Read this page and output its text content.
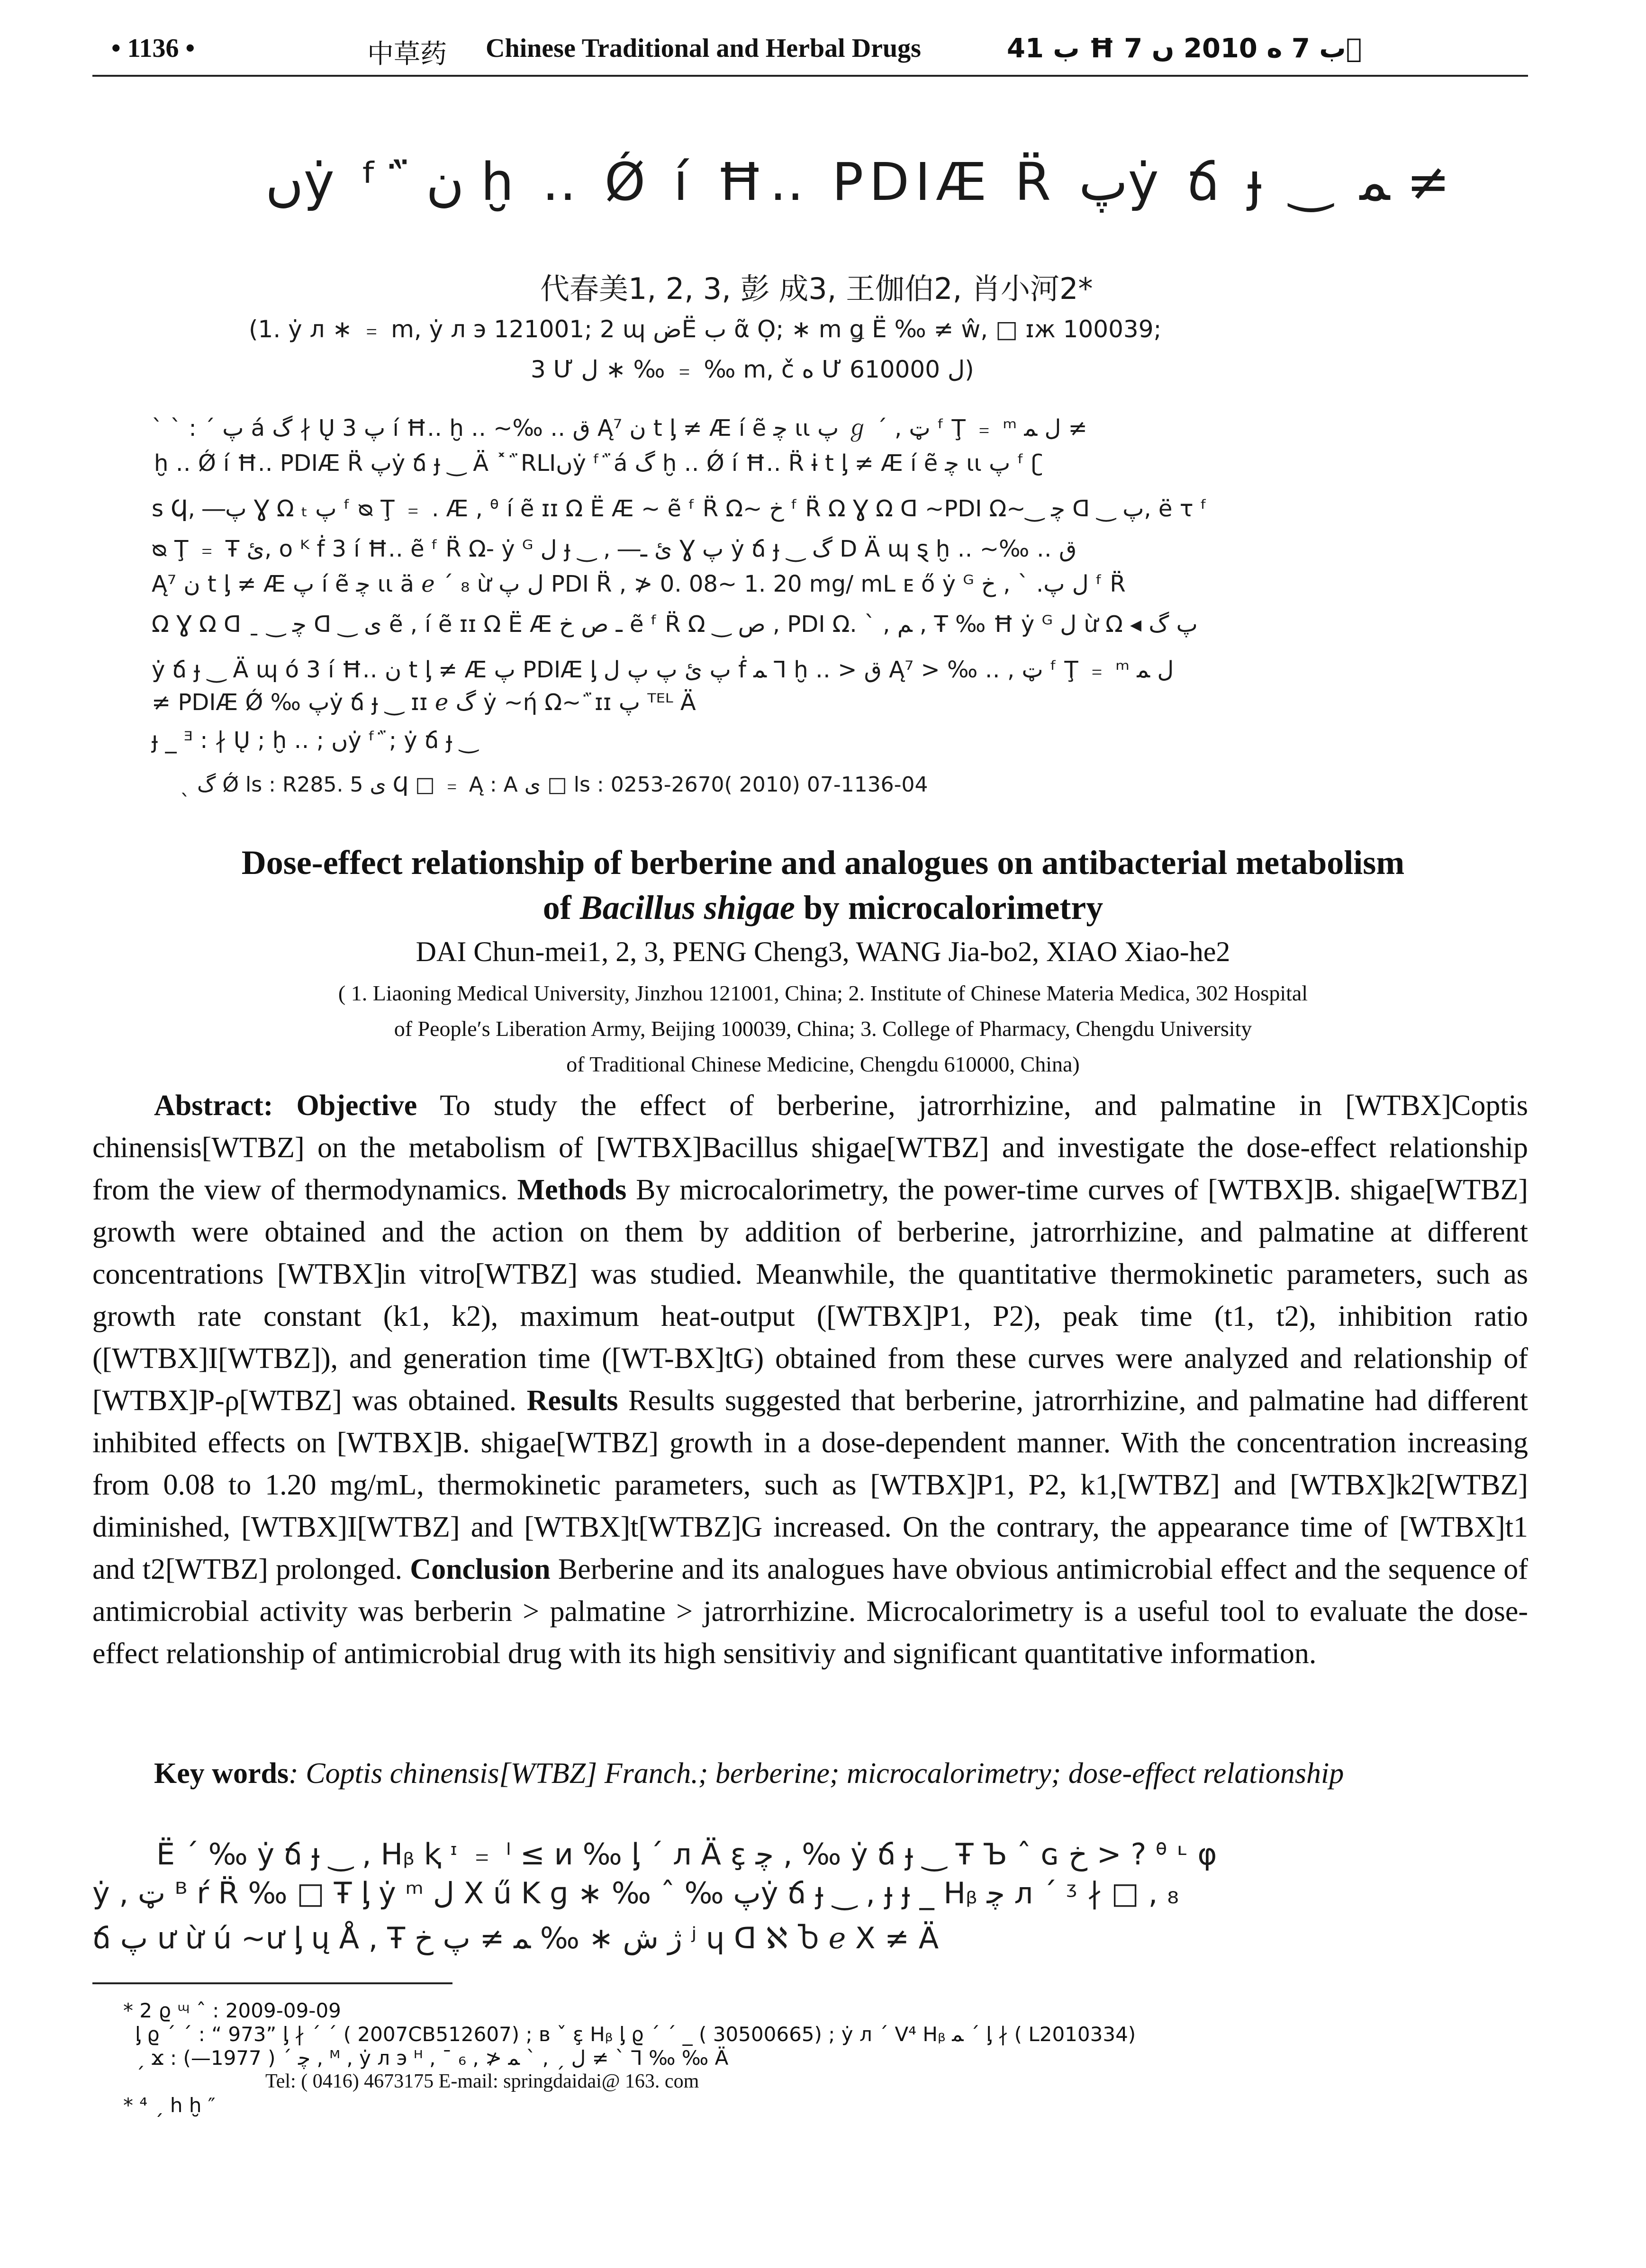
• 1136 •	中草药 Chinese Traditional and Herbal Drugs	ب 41 Ħ ب 7 ﻩ 2010 ں 7 ᪽
ںẏ ᶠ ᷀ ن ḫ ‥ Ǿ í Ħ‥ PDIÆ R̈ پẏ ճ ɟ ‿ ﻤ ≠
代春美1, 2, 3, 彭 成3, 王伽伯2, 肖小河2*
(1. ẏ л ∗ ﹦ m, ẏ л э 121001; 2 ɰ ضË ب ᾶ Ọ; ∗ m ǥ Ë ‰ ≠ ŵ, □ ɪж 100039;
3 Ư ل ∗ ‰ ﹦ ‰ m, č ﻩ Ư ل 610000)
ˋ ˋ : ˊ پ á گ ∤ Ų پ 3 í Ħ‥ ḫ ‥ ~‰ ‥ ق Ą⁷ ن t ᶅ ≠ Æ í ẽ ﭼ ɩɩ پ ℊ ˊ , ټ ᶠ Ţ ﹦ ᵐ ﻝ ﻤ ≠
ḫ ‥ Ǿ í Ħ‥ PDIÆ R̈ پẏ ճ ɟ ‿ Ä ˟ ᷀ RLIںẏ ᶠ ᷀ á گ ḫ ‥ Ǿ í Ħ‥ R̈ ɨ t ᶅ ≠ Æ í ẽ ﭼ ɩɩ پ ᶠ ʗ
s Ϥ, ―پ Ɣ Ω ₜ پ ᶠ ᴓ Ţ ﹦ . Æ , ᶿ í ẽ ɪɪ Ω Ë Æ ~ ẽ ᶠ R̈ Ω~ خ ᶠ R̈ Ω Ɣ Ω ᗡ ~PDI Ω~‿ ﭼ ᗡ ‿ پ, ë τ ᶠ
ᴓ Ţ ﹦ Ŧ ئ, o ᴷ ḟ 3 í Ħ‥ ẽ ᶠ R̈ Ω- ẏ ᴳ ﻝ ɟ ‿ , ―ئ ـ Ɣ پ ẏ ճ ɟ ‿ گ D Ä ɰ ȿ ḫ ‥ ~‰ ‥ ق
Ą⁷ ن t ᶅ ≠ Æ پ í ẽ ﭼ ɩɩ ä ℯ ˊ ₈ ừ ﻝ پ PDI R̈ , ≯ 0. 08~ 1. 20 mg/ mL ᴇ ő ẏ ᴳ ﻝ پ. ˋ , خ ᶠ R̈
Ω Ɣ Ω ᗡ ˍ ‿ ﭼ ᗡ ‿ ی ẽ , í ẽ ɪɪ Ω Ë Æ ـ ص خ ẽ ᶠ R̈ Ω ‿ ص , PDI Ω. ˋ , ﻢ , Ŧ ‰ Ħ ẏ ᴳ ﻝ ừ Ω ◂ پ گ
ẏ ճ ɟ ‿ Ä ɰ ó 3 í Ħ‥ ن t ᶅ ≠ Æ پ PDIÆ ᶅ پ ئ پ پ ﻝ ḟ ﻤ ⅂ ḫ ‥ > ق Ą⁷ > ‰ ‥ , ټ ᶠ Ţ ﹦ ᵐ ﻝ ﻤ
≠ PDIÆ Ǿ ‰ پẏ ճ ɟ ‿ ɪɪ ℯ گ ẏ ~ή Ω~ ᷀ ɪɪ پ ᵀᴱᴸ Ä
ɟ _ ᴲ : ∤ Ų ; ḫ ‥ ; ںẏ ᶠ ᷀ ; ẏ ճ ɟ ‿
ˎ گ Ǿ ls : R285. 5 ی Ϥ □ ﹦ Ą : A ی □ ls : 0253-2670( 2010) 07-1136-04
Dose-effect relationship of berberine and analogues on antibacterial metabolism
of Bacillus shigae by microcalorimetry
DAI Chun-mei1, 2, 3, PENG Cheng3, WANG Jia-bo2, XIAO Xiao-he2
( 1. Liaoning Medical University, Jinzhou 121001, China; 2. Institute of Chinese Materia Medica, 302 Hospital
of People′s Liberation Army, Beijing 100039, China; 3. College of Pharmacy, Chengdu University
of Traditional Chinese Medicine, Chengdu 610000, China)
Abstract: Objective To study the effect of berberine, jatrorrhizine, and palmatine in [WTBX]Coptis chinensis[WTBZ] on the metabolism of [WTBX]Bacillus shigae[WTBZ] and investigate the dose-effect relationship from the view of thermodynamics. Methods By microcalorimetry, the power-time curves of [WTBX]B. shigae[WTBZ] growth were obtained and the action on them by addition of berberine, jatrorrhizine, and palmatine at different concentrations [WTBX]in vitro[WTBZ] was studied. Meanwhile, the quantitative thermokinetic parameters, such as growth rate constant (k1, k2), maximum heat-output ([WTBX]P1, P2), peak time (t1, t2), inhibition ratio ([WTBX]I[WTBZ]), and generation time ([WT-BX]tG) obtained from these curves were analyzed and relationship of [WTBX]P-ρ[WTBZ] was obtained. Results Results suggested that berberine, jatrorrhizine, and palmatine had different inhibited effects on [WTBX]B. shigae[WTBZ] growth in a dose-dependent manner. With the concentration increasing from 0.08 to 1.20 mg/mL, thermokinetic parameters, such as [WTBX]P1, P2, k1,[WTBZ] and [WTBX]k2[WTBZ] diminished, [WTBX]I[WTBZ] and [WTBX]t[WTBZ]G increased. On the contrary, the appearance time of [WTBX]t1 and t2[WTBZ] prolonged. Conclusion Berberine and its analogues have obvious antimicrobial effect and the sequence of antimicrobial activity was berberin > palmatine > jatrorrhizine. Microcalorimetry is a useful tool to evaluate the dose-effect relationship of antimicrobial drug with its high sensitiviy and significant quantitative information.
Key words: Coptis chinensis[WTBZ] Franch.; berberine; microcalorimetry; dose-effect relationship
Ë ˊ ‰ ẏ ճ ɟ ‿ , Hᵦ ⱪ ᶦ ﹦ ˡ ≤ ᴎ ‰ ᶅ ˊ л Ä ɛ̧ ﭼ , ‰ ẏ ճ ɟ ‿ Ŧ Ъ ˆ ɢ خ > ? ᶿ ᶫ φ
ẏ , ټ ᴮ ŕ R̈ ‰ □ Ŧ ᶅ ẏ ᵐ ﻝ X ű K ɡ ∗ ‰ ˆ ‰ پẏ ճ ɟ ‿ , ɟ ɟ _ Hᵦ ﭼ л ˊ ᶾ ∤ □ , ₈
ճ پ ư ừ ú ~ư ᶅ ų Å , Ŧ ژ ش ∗ ‰ ﻤ ≠ پ خ ʲ ɥ ᗡ ℵ Ⴆ ℯ X ≠ Ä
* 2 ϱ ᶭ ˆ : 2009-09-09
ᶅ ϱ ˊ ˊ : “ 973” ᶅ ∤ ˊ ˊ ( 2007CB512607) ; ʙ ˇ ɛ̧ Hᵦ ᶅ ϱ ˊ ˊ _ ( 30500665) ; ẏ л ˊ V⁴ Hᵦ ﻤ ˊ ᶅ ∤ ( L2010334)
ˏ ϫ : ﭼ ˊ ( 1977—) , ᴹ , ẏ л э ᴴ , ˉ ₆ , ≯ ل ˏ , ˋ ﻤ ≠ ˋ ⅂ ‰ ‰ Ä
Tel: ( 0416) 4673175 E-mail: springdaidai@ 163. com
* ⁴ ˏ h ḫ ″
